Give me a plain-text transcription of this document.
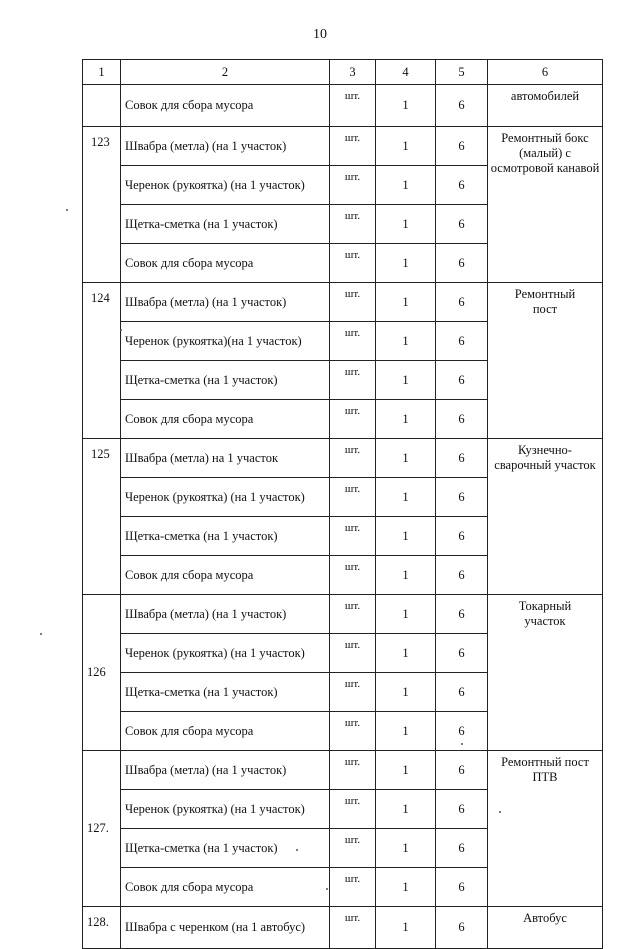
10
1	2	3	4	5	6
	Совок для сбора мусора	шт.	1	6	автомобилей
123	Швабра (метла) (на 1 участок)	шт.	1	6	Ремонтный бокс (малый) с осмотровой канавой
	Черенок (рукоятка) (на 1 участок)	шт.	1	6	
	Щетка-сметка (на 1 участок)	шт.	1	6	
	Совок для сбора мусора	шт.	1	6	
124	Швабра (метла) (на 1 участок)	шт.	1	6	Ремонтный пост
	Черенок (рукоятка)(на 1 участок)	шт.	1	6	
	Щетка-сметка (на 1 участок)	шт.	1	6	
	Совок для сбора мусора	шт.	1	6	
125	Швабра (метла) на 1 участок	шт.	1	6	Кузнечно-сварочный участок
	Черенок (рукоятка) (на 1 участок)	шт.	1	6	
	Щетка-сметка (на 1 участок)	шт.	1	6	
	Совок для сбора мусора	шт.	1	6	
126	Швабра (метла) (на 1 участок)	шт.	1	6	Токарный участок
	Черенок (рукоятка) (на 1 участок)	шт.	1	6	
	Щетка-сметка (на 1 участок)	шт.	1	6	
	Совок для сбора мусора	шт.	1	6	
127.	Швабра (метла) (на 1 участок)	шт.	1	6	Ремонтный пост ПТВ
	Черенок (рукоятка) (на 1 участок)	шт.	1	6	
	Щетка-сметка (на 1 участок)	шт.	1	6	
	Совок для сбора мусора	шт.	1	6	
128.	Швабра с черенком (на 1 автобус)	шт.	1	6	Автобус
